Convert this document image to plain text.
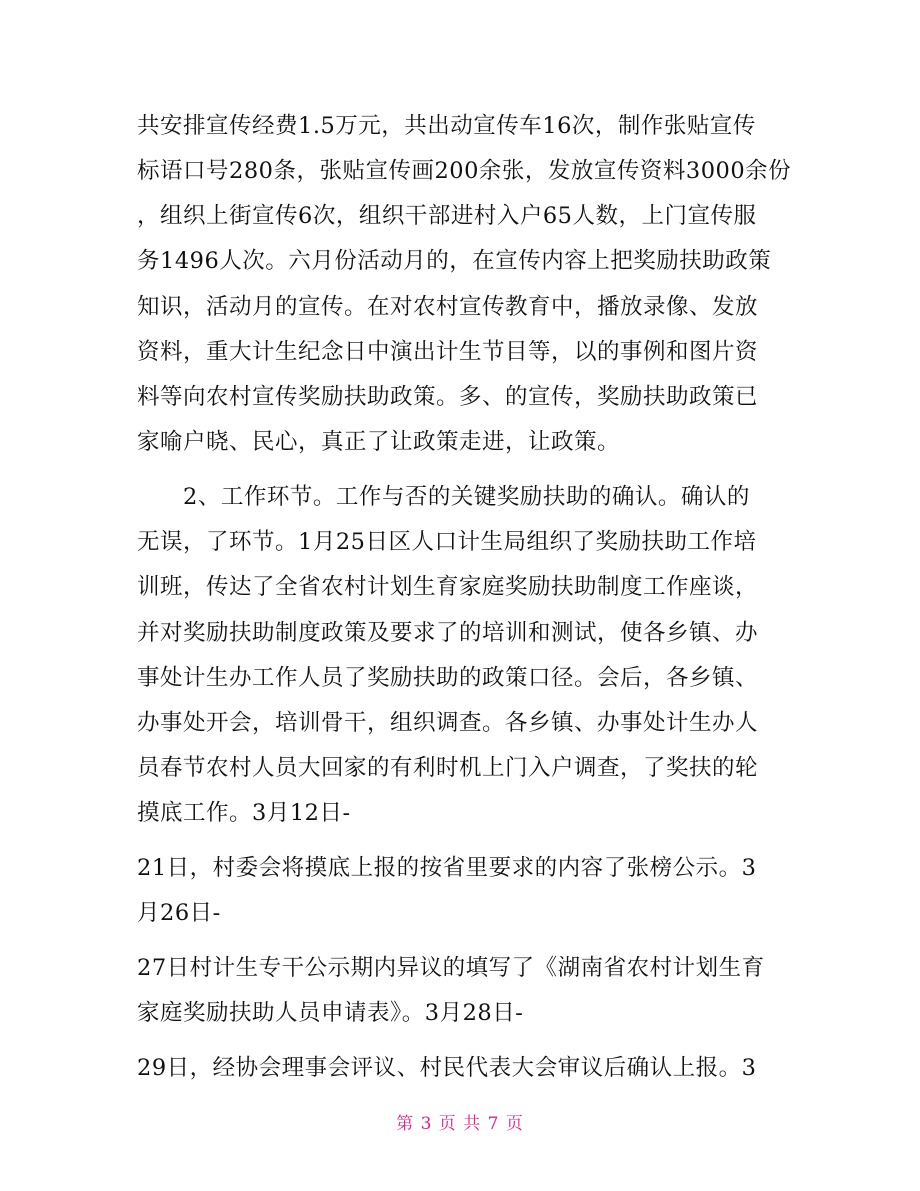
共安排宣传经费1.5万元，共出动宣传车16次，制作张贴宣传
标语口号280条，张贴宣传画200余张，发放宣传资料3000余份
，组织上街宣传6次，组织干部进村入户65人数，上门宣传服
务1496人次。六月份活动月的，在宣传内容上把奖励扶助政策
知识，活动月的宣传。在对农村宣传教育中，播放录像、发放
资料，重大计生纪念日中演出计生节目等，以的事例和图片资
料等向农村宣传奖励扶助政策。多、的宣传，奖励扶助政策已
家喻户晓、民心，真正了让政策走进，让政策。
　　2、工作环节。工作与否的关键奖励扶助的确认。确认的
无误，了环节。1月25日区人口计生局组织了奖励扶助工作培
训班，传达了全省农村计划生育家庭奖励扶助制度工作座谈，
并对奖励扶助制度政策及要求了的培训和测试，使各乡镇、办
事处计生办工作人员了奖励扶助的政策口径。会后，各乡镇、
办事处开会，培训骨干，组织调查。各乡镇、办事处计生办人
员春节农村人员大回家的有利时机上门入户调查，了奖扶的轮
摸底工作。3月12日-
21日，村委会将摸底上报的按省里要求的内容了张榜公示。3
月26日-
27日村计生专干公示期内异议的填写了《湖南省农村计划生育
家庭奖励扶助人员申请表》。3月28日-
29日，经协会理事会评议、村民代表大会审议后确认上报。3
第 3 页 共 7 页
